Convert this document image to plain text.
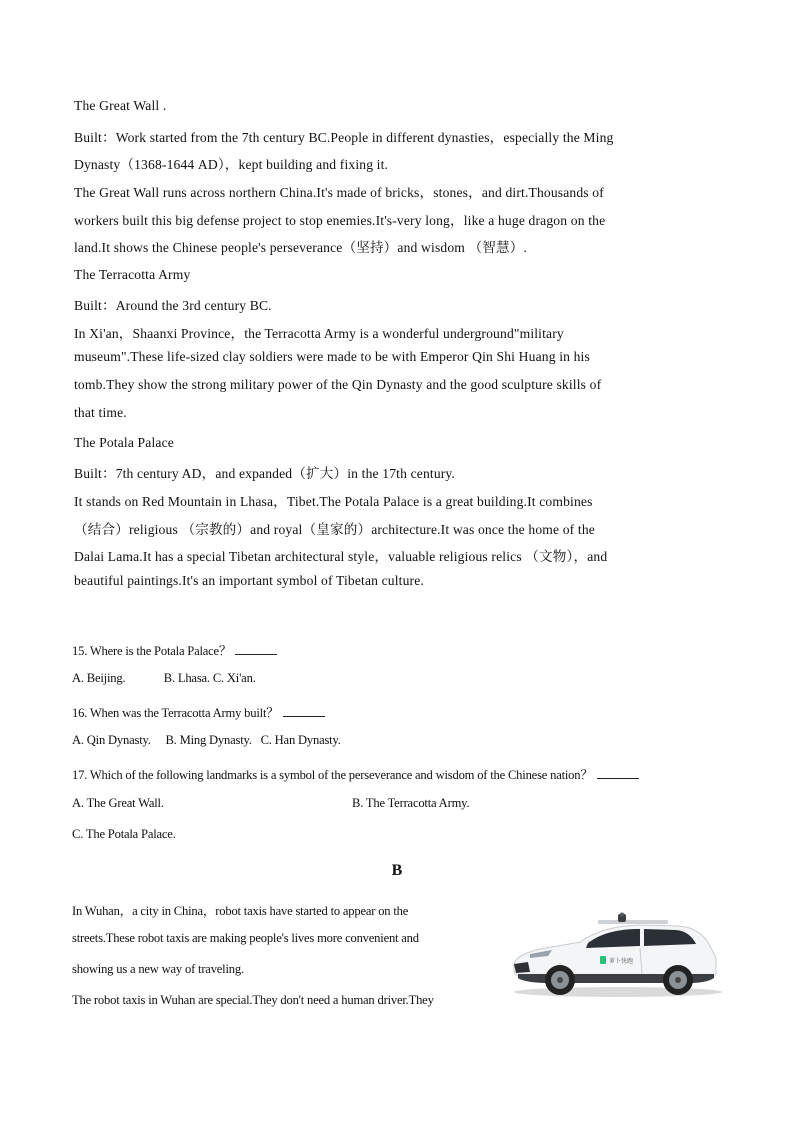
The Great Wall .
Built：Work started from the 7th century BC.People in different dynasties，especially the Ming
Dynasty（1368-1644 AD），kept building and fixing it.
The Great Wall runs across northern China.It's made of bricks，stones，and dirt.Thousands of
workers built this big defense project to stop enemies.It's-very long，like a huge dragon on the
land.It shows the Chinese people's perseverance（坚持）and wisdom （智慧）.
The Terracotta Army
Built：Around the 3rd century BC.
In Xi'an，Shaanxi Province，the Terracotta Army is a wonderful underground"military
museum".These life-sized clay soldiers were made to be with Emperor Qin Shi Huang in his
tomb.They show the strong military power of the Qin Dynasty and the good sculpture skills of
that time.
The Potala Palace
Built：7th century AD，and expanded（扩大）in the 17th century.
It stands on Red Mountain in Lhasa，Tibet.The Potala Palace is a great building.It combines
（结合）religious （宗教的）and royal（皇家的）architecture.It was once the home of the
Dalai Lama.It has a special Tibetan architectural style，valuable religious relics （文物），and
beautiful paintings.It's an important symbol of Tibetan culture.
15. Where is the Potala Palace？
A. Beijing.             B. Lhasa. C. Xi'an.
16. When was the Terracotta Army built？
A. Qin Dynasty.     B. Ming Dynasty.   C. Han Dynasty.
17. Which of the following landmarks is a symbol of the perseverance and wisdom of the Chinese nation？
A. The Great Wall.	B. The Terracotta Army.
C. The Potala Palace.
B
In Wuhan，a city in China，robot taxis have started to appear on the
streets.These robot taxis are making people's lives more convenient and
showing us a new way of traveling.
The robot taxis in Wuhan are special.They don't need a human driver.They
萝卜快跑
